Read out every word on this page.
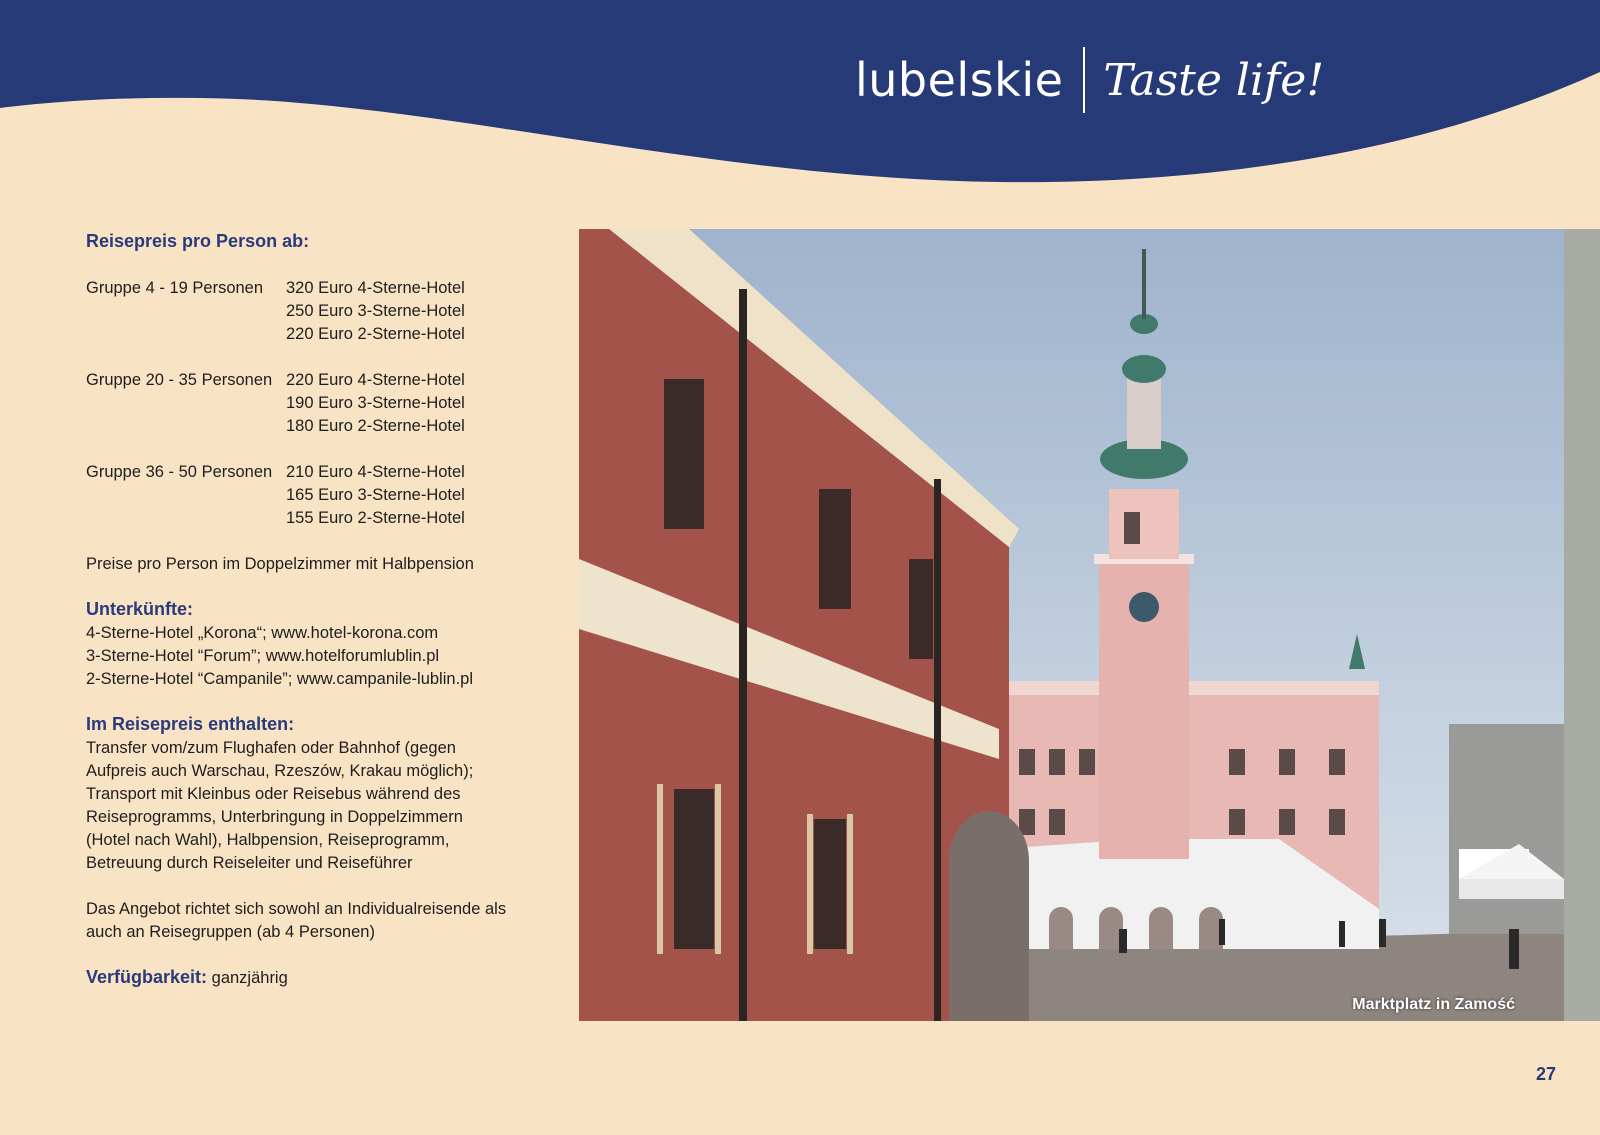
lubelskie Taste life!
Reisepreis pro Person ab:
Gruppe 4 - 19 Personen	320 Euro 4-Sterne-Hotel
250 Euro 3-Sterne-Hotel
220 Euro 2-Sterne-Hotel
Gruppe 20 - 35 Personen 220 Euro 4-Sterne-Hotel
190 Euro 3-Sterne-Hotel
180 Euro 2-Sterne-Hotel
Gruppe 36 - 50 Personen 210 Euro 4-Sterne-Hotel
165 Euro 3-Sterne-Hotel
155 Euro 2-Sterne-Hotel
Preise pro Person im Doppelzimmer mit Halbpension
Unterkünfte:
4-Sterne-Hotel „Korona“; www.hotel-korona.com
3-Sterne-Hotel “Forum”; www.hotelforumlublin.pl
2-Sterne-Hotel “Campanile”; www.campanile-lublin.pl
Im Reisepreis enthalten:
Transfer vom/zum Flughafen oder Bahnhof (gegen
Aufpreis auch Warschau, Rzeszów, Krakau möglich);
Transport mit Kleinbus oder Reisebus während des
Reiseprogramms, Unterbringung in Doppelzimmern
(Hotel nach Wahl), Halbpension, Reiseprogramm,
Betreuung durch Reiseleiter und Reiseführer
Das Angebot richtet sich sowohl an Individualreisende als
auch an Reisegruppen (ab 4 Personen)
Verfügbarkeit: ganzjährig
Marktplatz in Zamość
27
